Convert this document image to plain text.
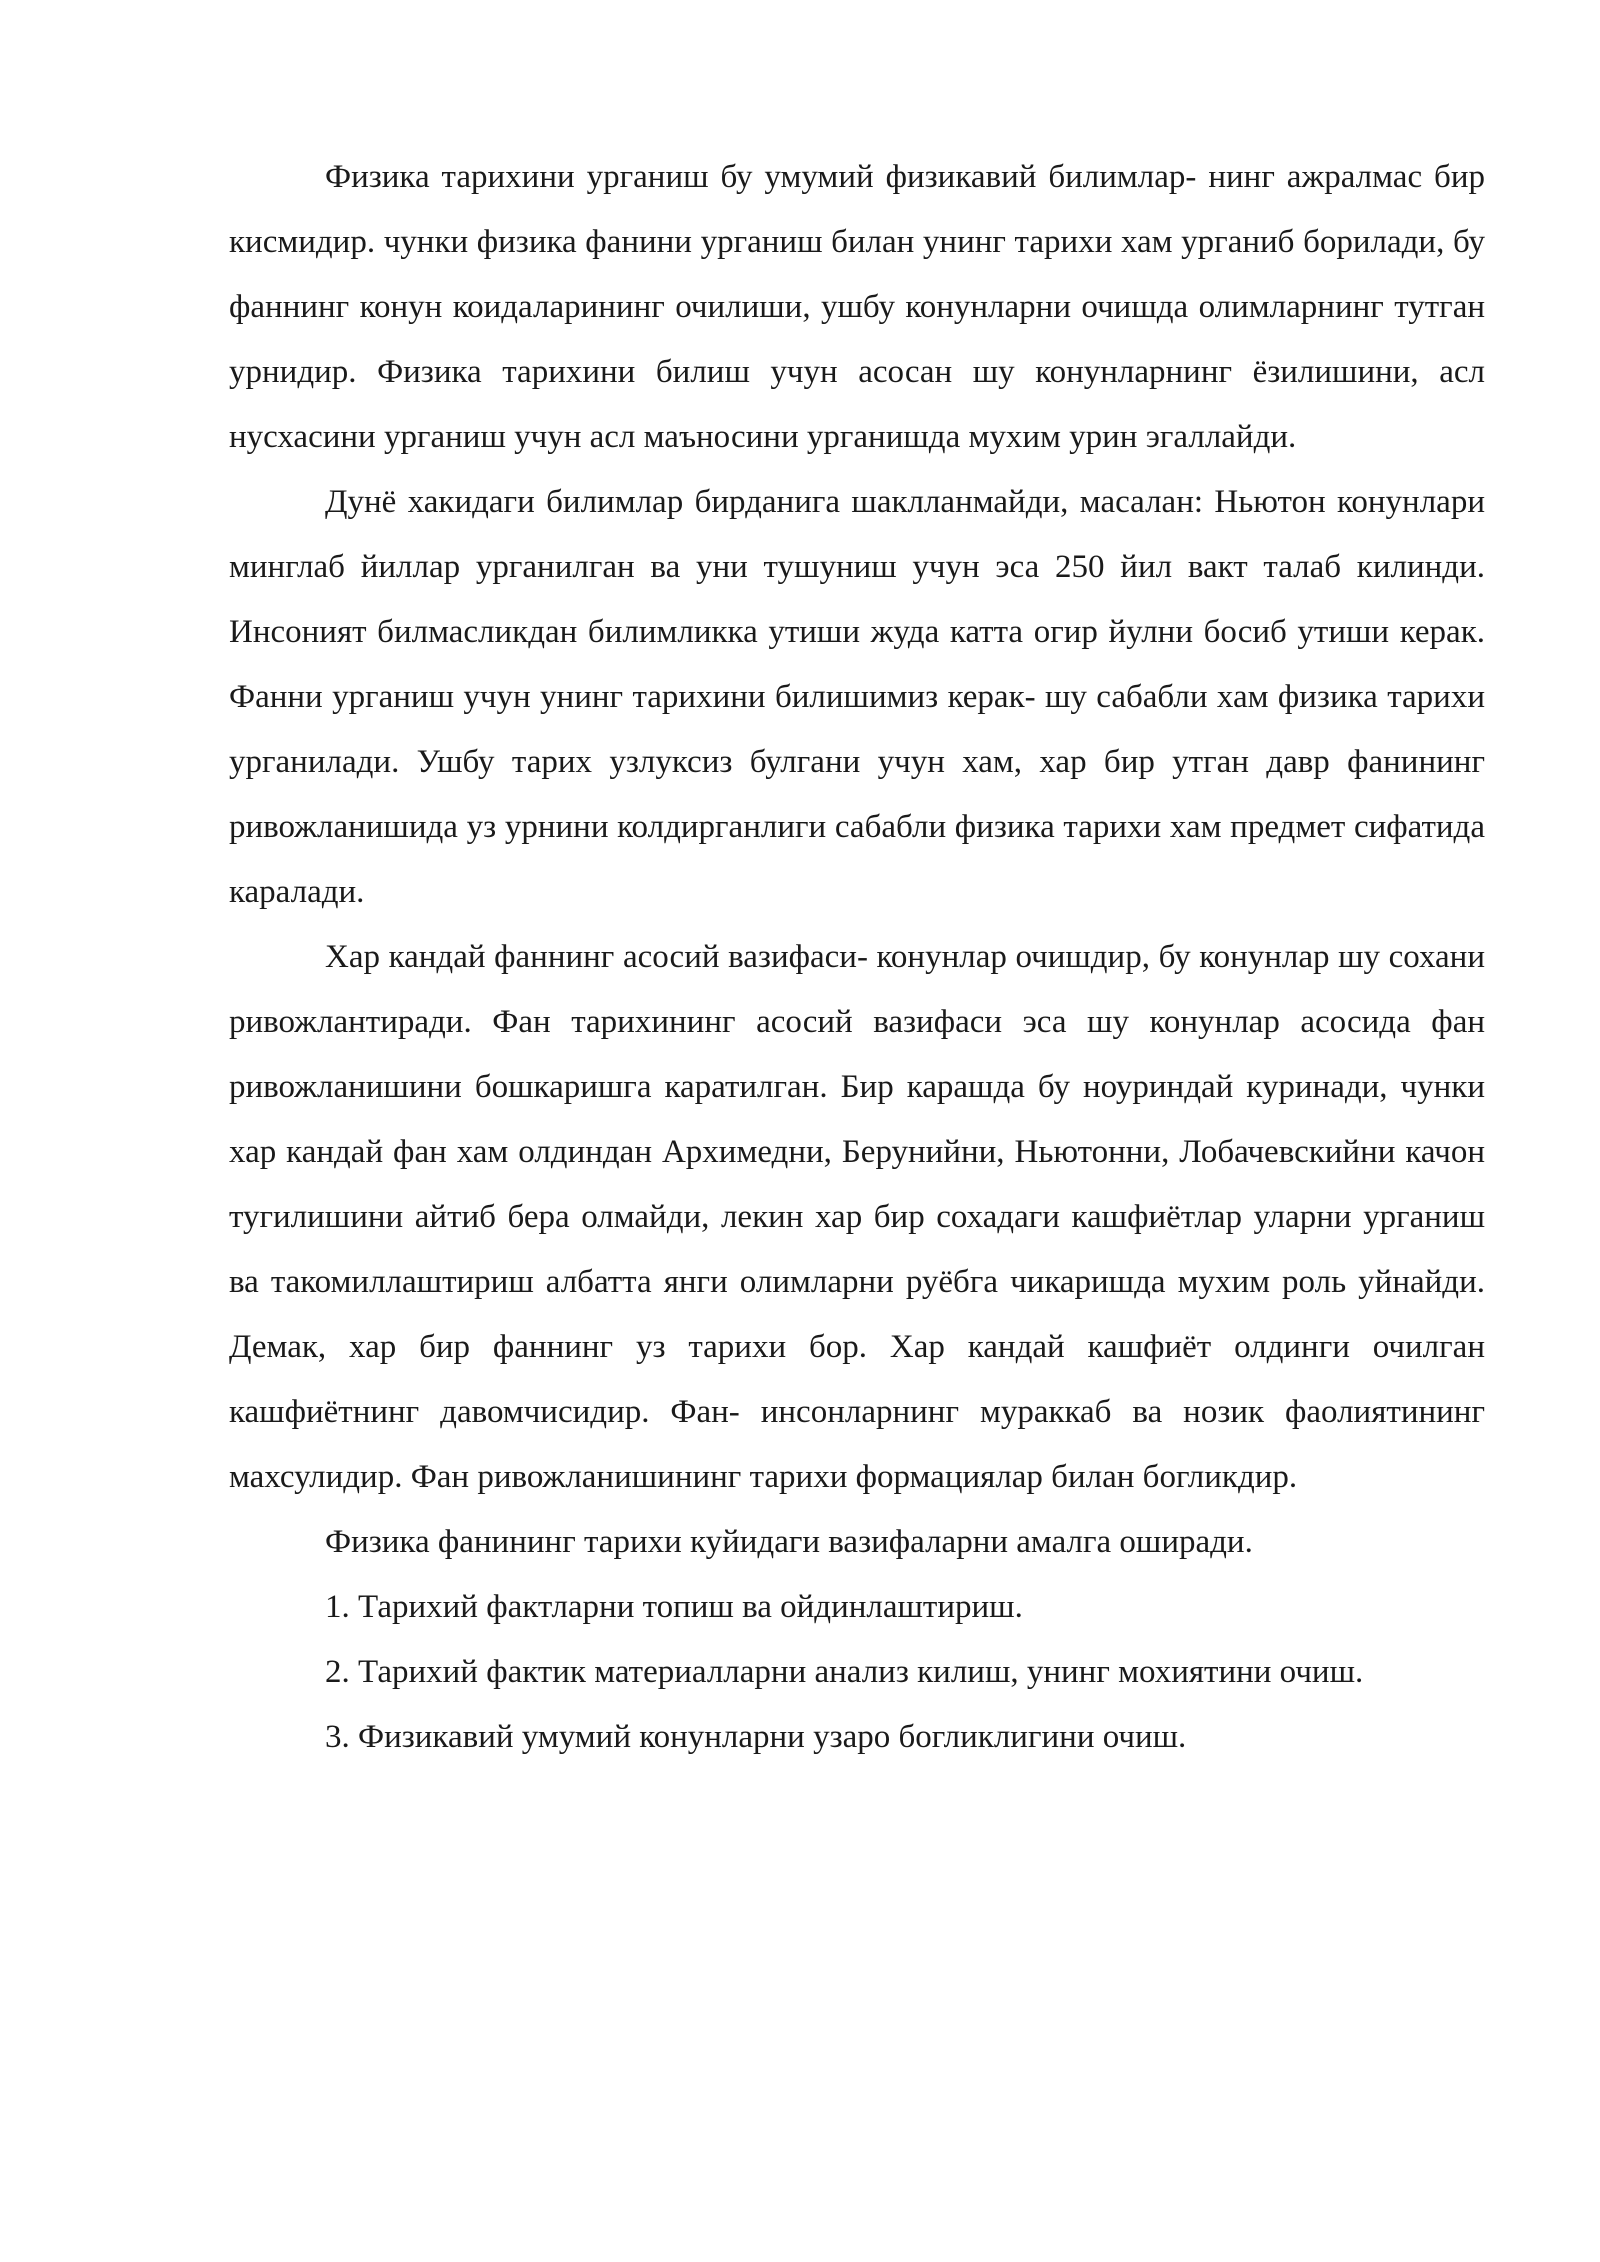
Физика тарихини урганиш бу умумий физикавий билимлар- нинг ажралмас бир кисмидир. чунки физика фанини урганиш билан унинг тарихи хам урганиб борилади, бу фаннинг конун коидаларининг очилиши, ушбу конунларни очишда олимларнинг тутган урнидир. Физика тарихини билиш учун асосан шу конунларнинг ёзилишини, асл нусхасини урганиш учун асл маъносини урганишда мухим урин эгаллайди.

Дунё хакидаги билимлар бирданига шаклланмайди, масалан: Ньютон конунлари минглаб йиллар урганилган ва уни тушуниш учун эса 250 йил вакт талаб килинди. Инсоният билмасликдан билимликка утиши жуда катта огир йулни босиб утиши керак. Фанни урганиш учун унинг тарихини билишимиз керак- шу сабабли хам физика тарихи урганилади. Ушбу тарих узлуксиз булгани учун хам, хар бир утган давр фанининг ривожланишида уз урнини колдирганлиги сабабли физика тарихи хам предмет сифатида каралади.

Хар кандай фаннинг асосий вазифаси- конунлар очишдир, бу конунлар шу сохани ривожлантиради. Фан тарихининг асосий вазифаси эса шу конунлар асосида фан ривожланишини бошкаришга каратилган. Бир карашда бу ноуриндай куринади, чунки хар кандай фан хам олдиндан Архимедни, Берунийни, Ньютонни, Лобачевскийни качон тугилишини айтиб бера олмайди, лекин хар бир сохадаги кашфиётлар уларни урганиш ва такомиллаштириш албатта янги олимларни руёбга чикаришда мухим роль уйнайди. Демак, хар бир фаннинг уз тарихи бор. Хар кандай кашфиёт олдинги очилган кашфиётнинг давомчисидир. Фан- инсонларнинг мураккаб ва нозик фаолиятининг махсулидир. Фан ривожланишининг тарихи формациялар билан богликдир.

Физика фанининг тарихи куйидаги вазифаларни амалга оширади.

1. Тарихий фактларни топиш ва ойдинлаштириш.

2. Тарихий фактик материалларни анализ килиш, унинг мохиятини очиш.

3. Физикавий умумий конунларни узаро богликлигини очиш.
